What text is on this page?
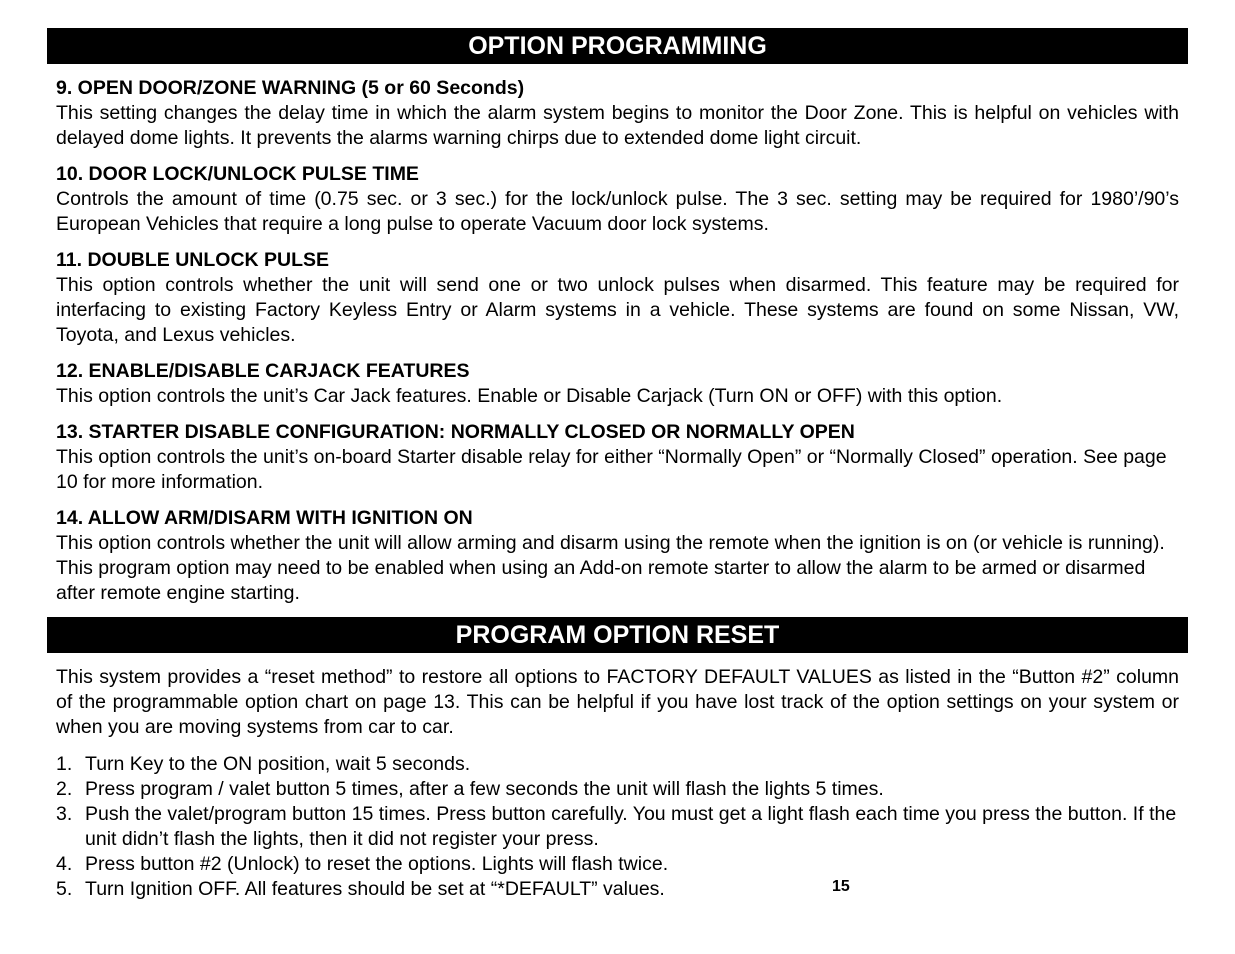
OPTION PROGRAMMING
9. OPEN DOOR/ZONE WARNING (5 or 60 Seconds)
This setting changes the delay time in which the alarm system begins to monitor the Door Zone. This is helpful on vehicles with delayed dome lights. It prevents the alarms warning chirps due to extended dome light circuit.
10. DOOR LOCK/UNLOCK PULSE TIME
Controls the amount of time (0.75 sec. or 3 sec.) for the lock/unlock pulse. The 3 sec. setting may be required for 1980’/90’s European Vehicles that require a long pulse to operate Vacuum door lock systems.
11. DOUBLE UNLOCK PULSE
This option controls whether the unit will send one or two unlock pulses when disarmed. This feature may be required for interfacing to existing Factory Keyless Entry or Alarm systems in a vehicle. These systems are found on some Nissan, VW, Toyota, and Lexus vehicles.
12. ENABLE/DISABLE CARJACK FEATURES
This option controls the unit’s Car Jack features. Enable or Disable Carjack (Turn ON or OFF) with this option.
13. STARTER DISABLE CONFIGURATION: NORMALLY CLOSED OR NORMALLY OPEN
This option controls the unit’s on-board Starter disable relay for either “Normally Open” or “Normally Closed” operation. See page 10 for more information.
14. ALLOW ARM/DISARM WITH IGNITION ON
This option controls whether the unit will allow arming and disarm using the remote when the ignition is on (or vehicle is running). This program option may need to be enabled when using an Add-on remote starter to allow the alarm to be armed or disarmed after remote engine starting.
PROGRAM OPTION RESET
This system provides a “reset method” to restore all options to FACTORY DEFAULT VALUES as listed in the “Button #2” column of the programmable option chart on page 13. This can be helpful if you have lost track of the option settings on your system or when you are moving systems from car to car.
1. Turn Key to the ON position, wait 5 seconds.
2. Press program / valet button 5 times, after a few seconds the unit will flash the lights 5 times.
3. Push the valet/program button 15 times. Press button carefully. You must get a light flash each time you press the button. If the unit didn’t flash the lights, then it did not register your press.
4. Press button #2 (Unlock) to reset the options. Lights will flash twice.
5. Turn Ignition OFF. All features should be set at “*DEFAULT” values.	15
